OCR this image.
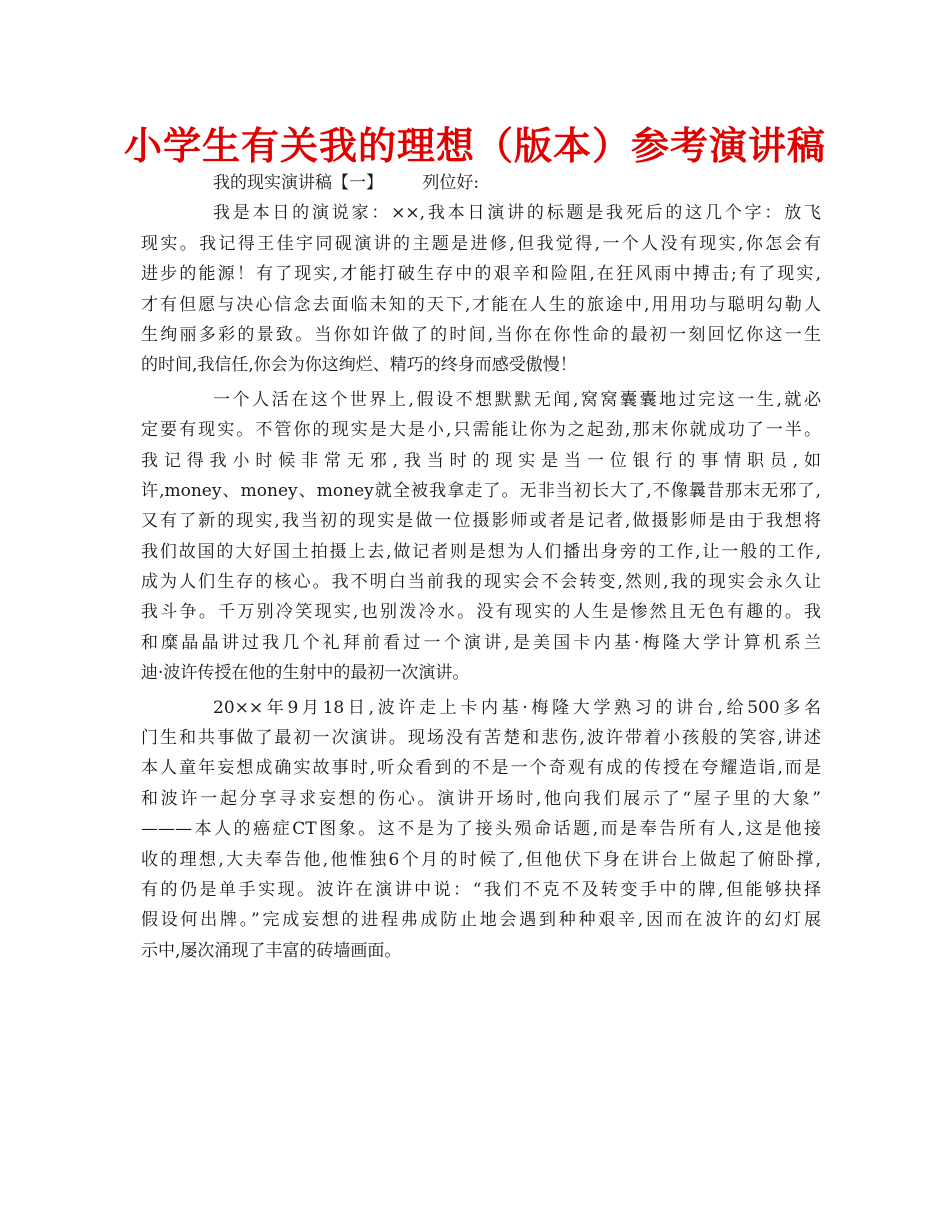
小学生有关我的理想（版本）参考演讲稿
我的现实演讲稿【一】 　　列位好:
我是本日的演说家：××,我本日演讲的标题是我死后的这几个字：放飞
现实。我记得王佳宇同砚演讲的主题是进修,但我觉得,一个人没有现实,你怎会有
进步的能源！有了现实,才能打破生存中的艰辛和险阻,在狂风雨中搏击;有了现实,
才有但愿与决心信念去面临未知的天下,才能在人生的旅途中,用用功与聪明勾勒人
生绚丽多彩的景致。当你如许做了的时间,当你在你性命的最初一刻回忆你这一生
的时间,我信任,你会为你这绚烂、精巧的终身而感受傲慢！
一个人活在这个世界上,假设不想默默无闻,窝窝囊囊地过完这一生,就必
定要有现实。不管你的现实是大是小,只需能让你为之起劲,那末你就成功了一半。
我记得我小时候非常无邪,我当时的现实是当一位银行的事情职员,如
许,money、money、money就全被我拿走了。无非当初长大了,不像曩昔那末无邪了,
又有了新的现实,我当初的现实是做一位摄影师或者是记者,做摄影师是由于我想将
我们故国的大好国土拍摄上去,做记者则是想为人们播出身旁的工作,让一般的工作,
成为人们生存的核心。我不明白当前我的现实会不会转变,然则,我的现实会永久让
我斗争。千万别冷笑现实,也别泼冷水。没有现实的人生是惨然且无色有趣的。我
和糜晶晶讲过我几个礼拜前看过一个演讲,是美国卡内基·梅隆大学计算机系兰
迪·波许传授在他的生射中的最初一次演讲。
20××年9月18日,波许走上卡内基·梅隆大学熟习的讲台,给500多名
门生和共事做了最初一次演讲。现场没有苦楚和悲伤,波许带着小孩般的笑容,讲述
本人童年妄想成确实故事时,听众看到的不是一个奇观有成的传授在夸耀造诣,而是
和波许一起分享寻求妄想的伤心。演讲开场时,他向我们展示了“屋子里的大象”
———本人的癌症CT图象。这不是为了接头殒命话题,而是奉告所有人,这是他接
收的理想,大夫奉告他,他惟独6个月的时候了,但他伏下身在讲台上做起了俯卧撑,
有的仍是单手实现。波许在演讲中说：“我们不克不及转变手中的牌,但能够抉择
假设何出牌。”完成妄想的进程弗成防止地会遇到种种艰辛,因而在波许的幻灯展
示中,屡次涌现了丰富的砖墙画面。
